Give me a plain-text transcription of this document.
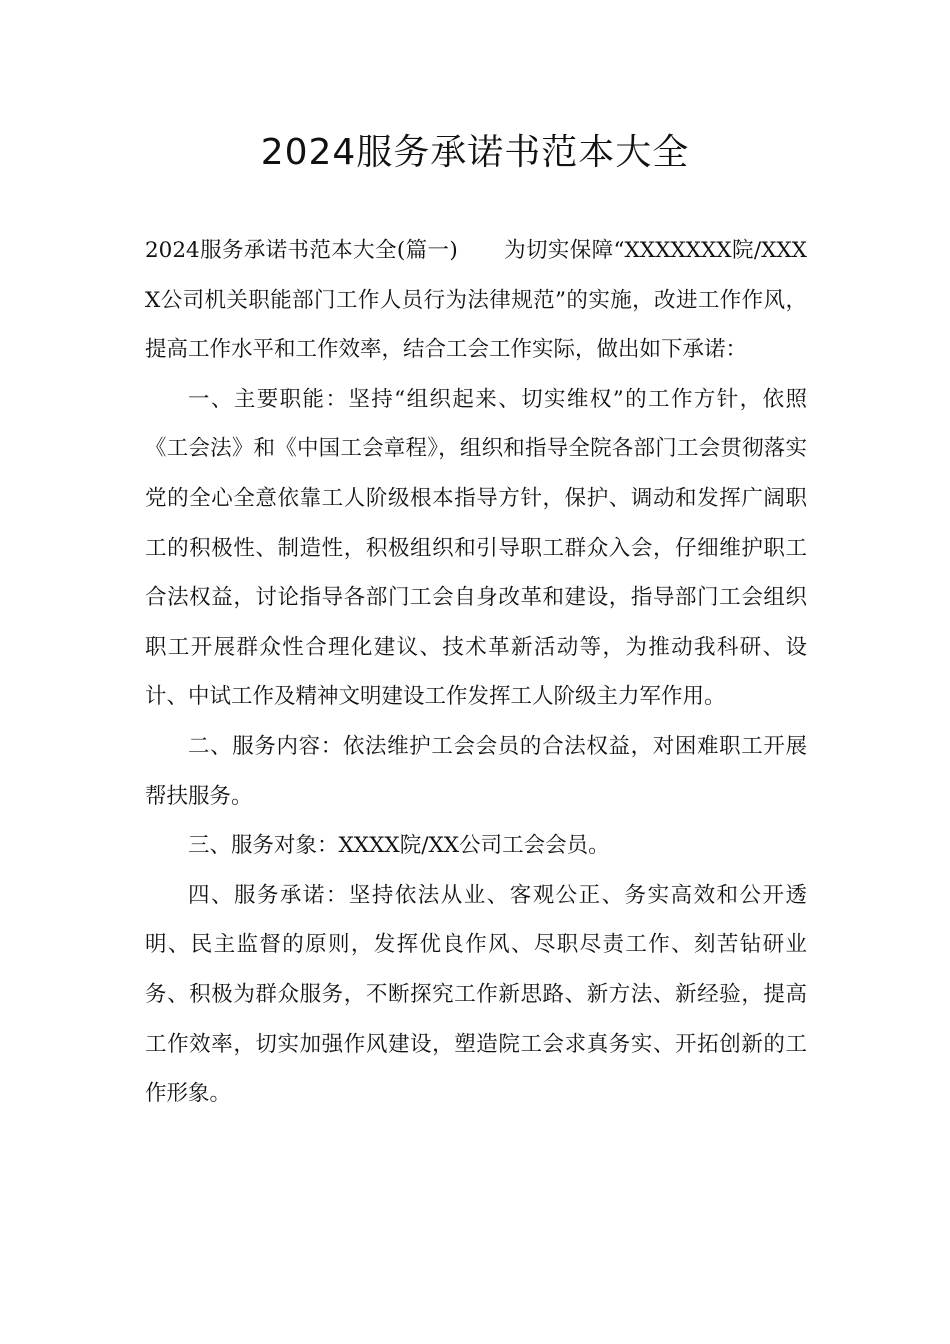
2024服务承诺书范本大全

2024服务承诺书范本大全(篇一) 为切实保障“XXXXXXX院/XXXX公司机关职能部门工作人员行为法律规范”的实施，改进工作作风，提高工作水平和工作效率，结合工会工作实际，做出如下承诺：

一、主要职能：坚持“组织起来、切实维权”的工作方针，依照《工会法》和《中国工会章程》，组织和指导全院各部门工会贯彻落实党的全心全意依靠工人阶级根本指导方针，保护、调动和发挥广阔职工的积极性、制造性，积极组织和引导职工群众入会，仔细维护职工合法权益，讨论指导各部门工会自身改革和建设，指导部门工会组织职工开展群众性合理化建议、技术革新活动等，为推动我科研、设计、中试工作及精神文明建设工作发挥工人阶级主力军作用。

二、服务内容：依法维护工会会员的合法权益，对困难职工开展帮扶服务。

三、服务对象：XXXX院/XX公司工会会员。

四、服务承诺：坚持依法从业、客观公正、务实高效和公开透明、民主监督的原则，发挥优良作风、尽职尽责工作、刻苦钻研业务、积极为群众服务，不断探究工作新思路、新方法、新经验，提高工作效率，切实加强作风建设，塑造院工会求真务实、开拓创新的工作形象。
